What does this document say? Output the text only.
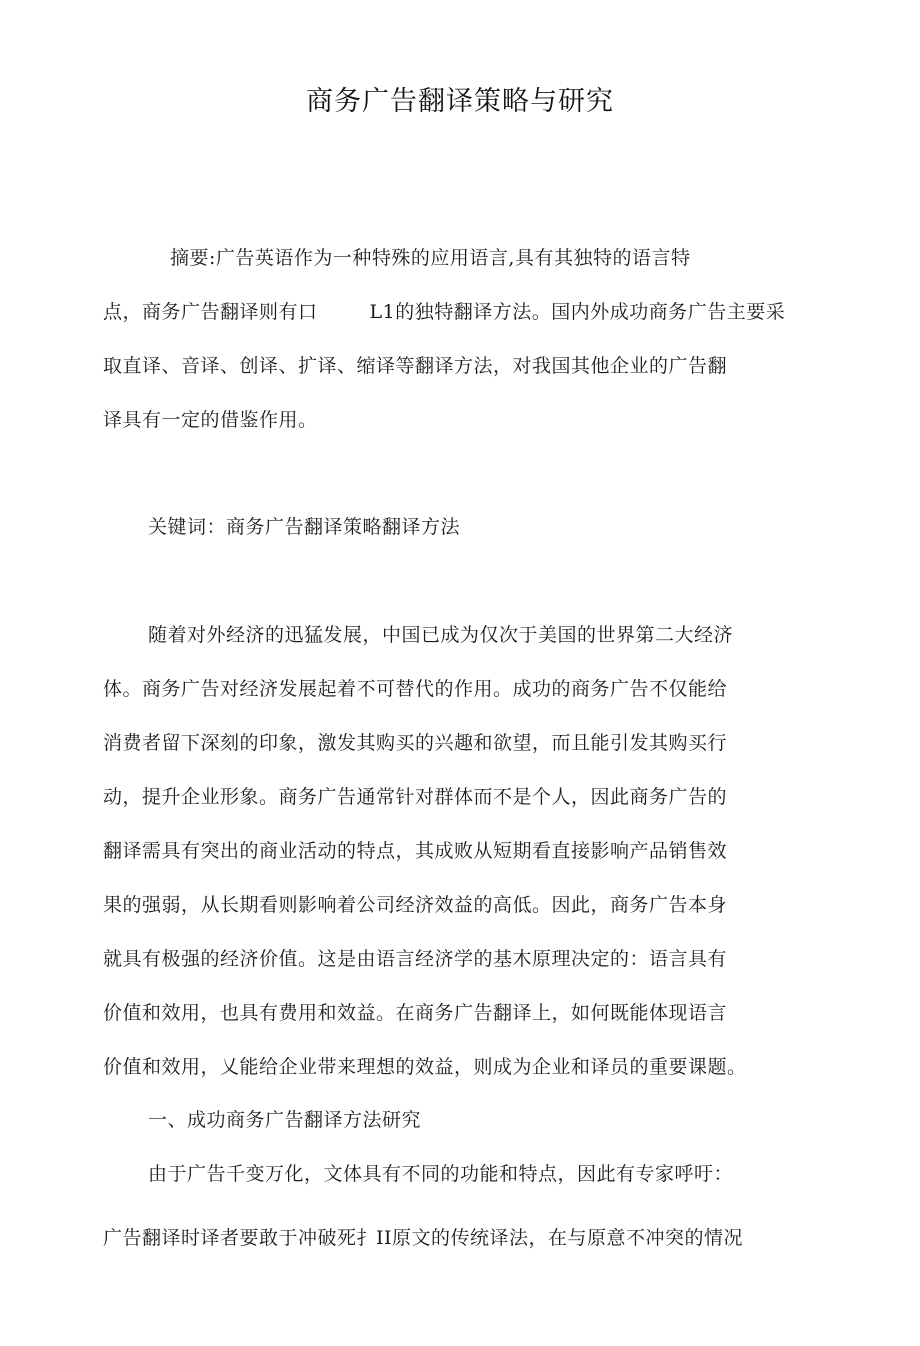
商务广告翻译策略与研究
摘要:广告英语作为一种特殊的应用语言,具有其独特的语言特
点，商务广告翻译则有口	L1的独特翻译方法。国内外成功商务广告主要采
取直译、音译、创译、扩译、缩译等翻译方法，对我国其他企业的广告翻
译具有一定的借鉴作用。
关键词：商务广告翻译策略翻译方法
随着对外经济的迅猛发展，中国已成为仅次于美国的世界第二大经济
体。商务广告对经济发展起着不可替代的作用。成功的商务广告不仅能给
消费者留下深刻的印象，激发其购买的兴趣和欲望，而且能引发其购买行
动，提升企业形象。商务广告通常针对群体而不是个人，因此商务广告的
翻译需具有突出的商业活动的特点，其成败从短期看直接影响产品销售效
果的强弱，从长期看则影响着公司经济效益的高低。因此，商务广告本身
就具有极强的经济价值。这是由语言经济学的基木原理决定的：语言具有
价值和效用，也具有费用和效益。在商务广告翻译上，如何既能体现语言
价值和效用，乂能给企业带来理想的效益，则成为企业和译员的重要课题。
一、成功商务广告翻译方法研究
由于广告千变万化，文体具有不同的功能和特点，因此有专家呼吁：
广告翻译时译者要敢于冲破死扌II原文的传统译法，在与原意不冲突的情况
